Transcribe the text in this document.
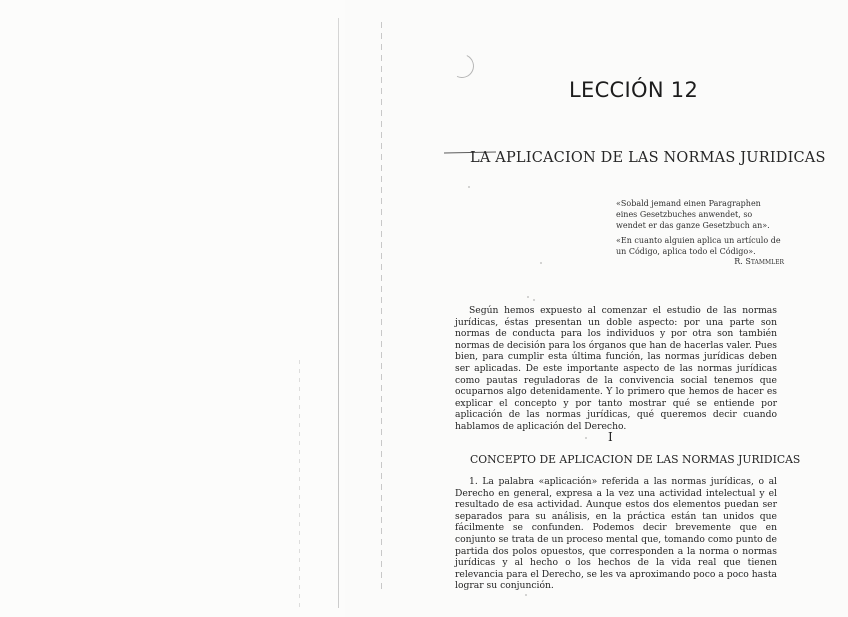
LECCIÓN 12
LA APLICACION DE LAS NORMAS JURIDICAS
«Sobald jemand einen Paragraphen eines Gesetzbuches anwendet, so wendet er das ganze Gesetzbuch an».
«En cuanto alguien aplica un artículo de un Código, aplica todo el Código».
R. Stammler
Según hemos expuesto al comenzar el estudio de las normas jurídicas, éstas presentan un doble aspecto: por una parte son normas de conducta para los individuos y por otra son también normas de decisión para los órganos que han de hacerlas valer. Pues bien, para cumplir esta última función, las normas jurídicas deben ser aplicadas. De este importante aspecto de las normas jurídicas como pautas reguladoras de la convivencia social tenemos que ocuparnos algo detenidamente. Y lo primero que hemos de hacer es explicar el concepto y por tanto mostrar qué se entiende por aplicación de las normas jurídicas, qué queremos decir cuando hablamos de aplicación del Derecho.
I
CONCEPTO DE APLICACION DE LAS NORMAS JURIDICAS
1. La palabra «aplicación» referida a las normas jurídicas, o al Derecho en general, expresa a la vez una actividad intelectual y el resultado de esa actividad. Aunque estos dos elementos puedan ser separados para su análisis, en la práctica están tan unidos que fácilmente se confunden. Podemos decir brevemente que en conjunto se trata de un proceso mental que, tomando como punto de partida dos polos opuestos, que corresponden a la norma o normas jurídicas y al hecho o los hechos de la vida real que tienen relevancia para el Derecho, se les va aproximando poco a poco hasta lograr su conjunción.
